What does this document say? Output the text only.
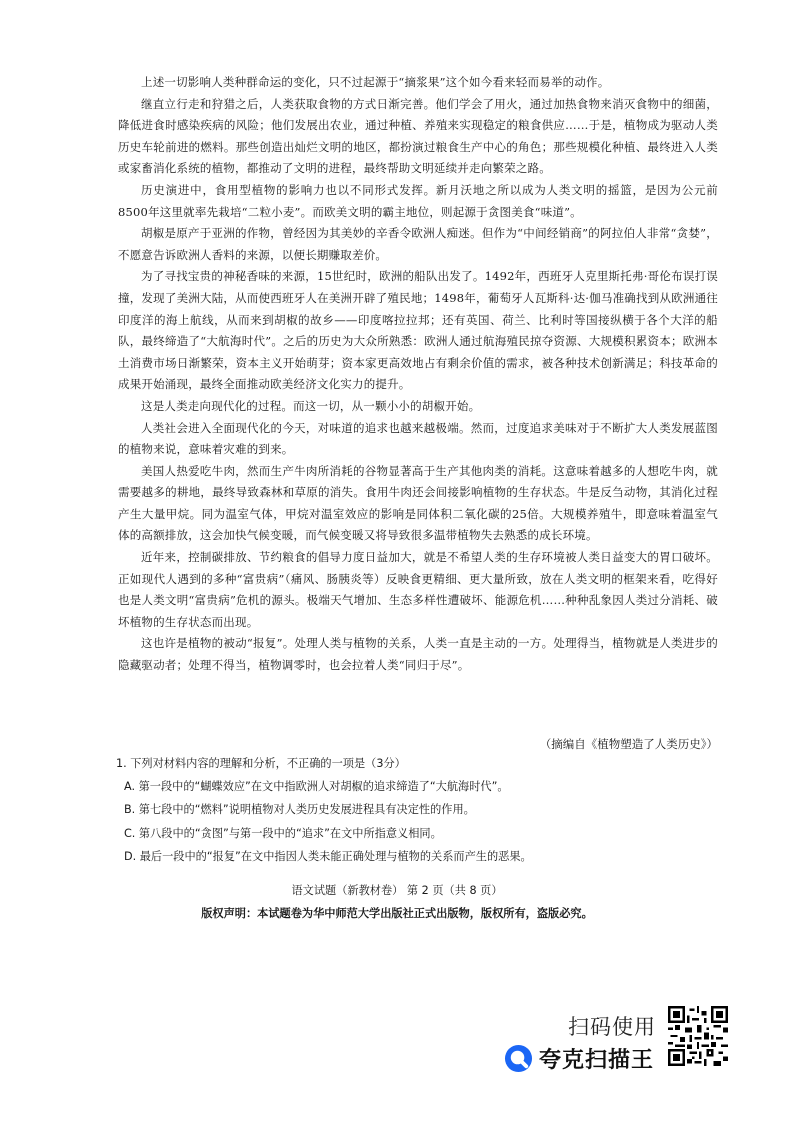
上述一切影响人类种群命运的变化，只不过起源于“摘浆果”这个如今看来轻而易举的动作。

继直立行走和狩猎之后，人类获取食物的方式日渐完善。他们学会了用火，通过加热食物来消灭食物中的细菌，降低进食时感染疾病的风险；他们发展出农业，通过种植、养殖来实现稳定的粮食供应……于是，植物成为驱动人类历史车轮前进的燃料。那些创造出灿烂文明的地区，都扮演过粮食生产中心的角色；那些规模化种植、最终进入人类或家畜消化系统的植物，都推动了文明的进程，最终帮助文明延续并走向繁荣之路。

历史演进中，食用型植物的影响力也以不同形式发挥。新月沃地之所以成为人类文明的摇篮，是因为公元前8500年这里就率先栽培“二粒小麦”。而欧美文明的霸主地位，则起源于贪图美食“味道”。

胡椒是原产于亚洲的作物，曾经因为其美妙的辛香令欧洲人痴迷。但作为“中间经销商”的阿拉伯人非常“贪婪”，不愿意告诉欧洲人香料的来源，以便长期赚取差价。

为了寻找宝贵的神秘香味的来源，15世纪时，欧洲的船队出发了。1492年，西班牙人克里斯托弗·哥伦布误打误撞，发现了美洲大陆，从而使西班牙人在美洲开辟了殖民地；1498年，葡萄牙人瓦斯科·达·伽马准确找到从欧洲通往印度洋的海上航线，从而来到胡椒的故乡——印度喀拉拉邦；还有英国、荷兰、比利时等国接纵横于各个大洋的船队，最终缔造了“大航海时代”。之后的历史为大众所熟悉：欧洲人通过航海殖民掠夺资源、大规模积累资本；欧洲本土消费市场日渐繁荣，资本主义开始萌芽；资本家更高效地占有剩余价值的需求，被各种技术创新满足；科技革命的成果开始涌现，最终全面推动欧美经济文化实力的提升。

这是人类走向现代化的过程。而这一切，从一颗小小的胡椒开始。

人类社会进入全面现代化的今天，对味道的追求也越来越极端。然而，过度追求美味对于不断扩大人类发展蓝图的植物来说，意味着灾难的到来。

美国人热爱吃牛肉，然而生产牛肉所消耗的谷物显著高于生产其他肉类的消耗。这意味着越多的人想吃牛肉，就需要越多的耕地，最终导致森林和草原的消失。食用牛肉还会间接影响植物的生存状态。牛是反刍动物，其消化过程产生大量甲烷。同为温室气体，甲烷对温室效应的影响是同体积二氧化碳的25倍。大规模养殖牛，即意味着温室气体的高额排放，这会加快气候变暖，而气候变暖又将导致很多温带植物失去熟悉的成长环境。

近年来，控制碳排放、节约粮食的倡导力度日益加大，就是不希望人类的生存环境被人类日益变大的胃口破坏。正如现代人遇到的多种“富贵病”（痛风、肠胰炎等）反映食更精细、更大量所致，放在人类文明的框架来看，吃得好也是人类文明“富贵病”危机的源头。极端天气增加、生态多样性遭破坏、能源危机……种种乱象因人类过分消耗、破坏植物的生存状态而出现。

这也许是植物的被动“报复”。处理人类与植物的关系，人类一直是主动的一方。处理得当，植物就是人类进步的隐藏驱动者；处理不得当，植物调零时，也会拉着人类“同归于尽”。

（摘编自《植物塑造了人类历史》）

1. 下列对材料内容的理解和分析，不正确的一项是（3分）

A. 第一段中的“蝴蝶效应”在文中指欧洲人对胡椒的追求缔造了“大航海时代”。

B. 第七段中的“燃料”说明植物对人类历史发展进程具有决定性的作用。

C. 第八段中的“贪图”与第一段中的“追求”在文中所指意义相同。

D. 最后一段中的“报复”在文中指因人类未能正确处理与植物的关系而产生的恶果。

语文试题（新教材卷） 第 2 页（共 8 页）
版权声明：本试题卷为华中师范大学出版社正式出版物，版权所有，盗版必究。
扫码使用
夸克扫描王
